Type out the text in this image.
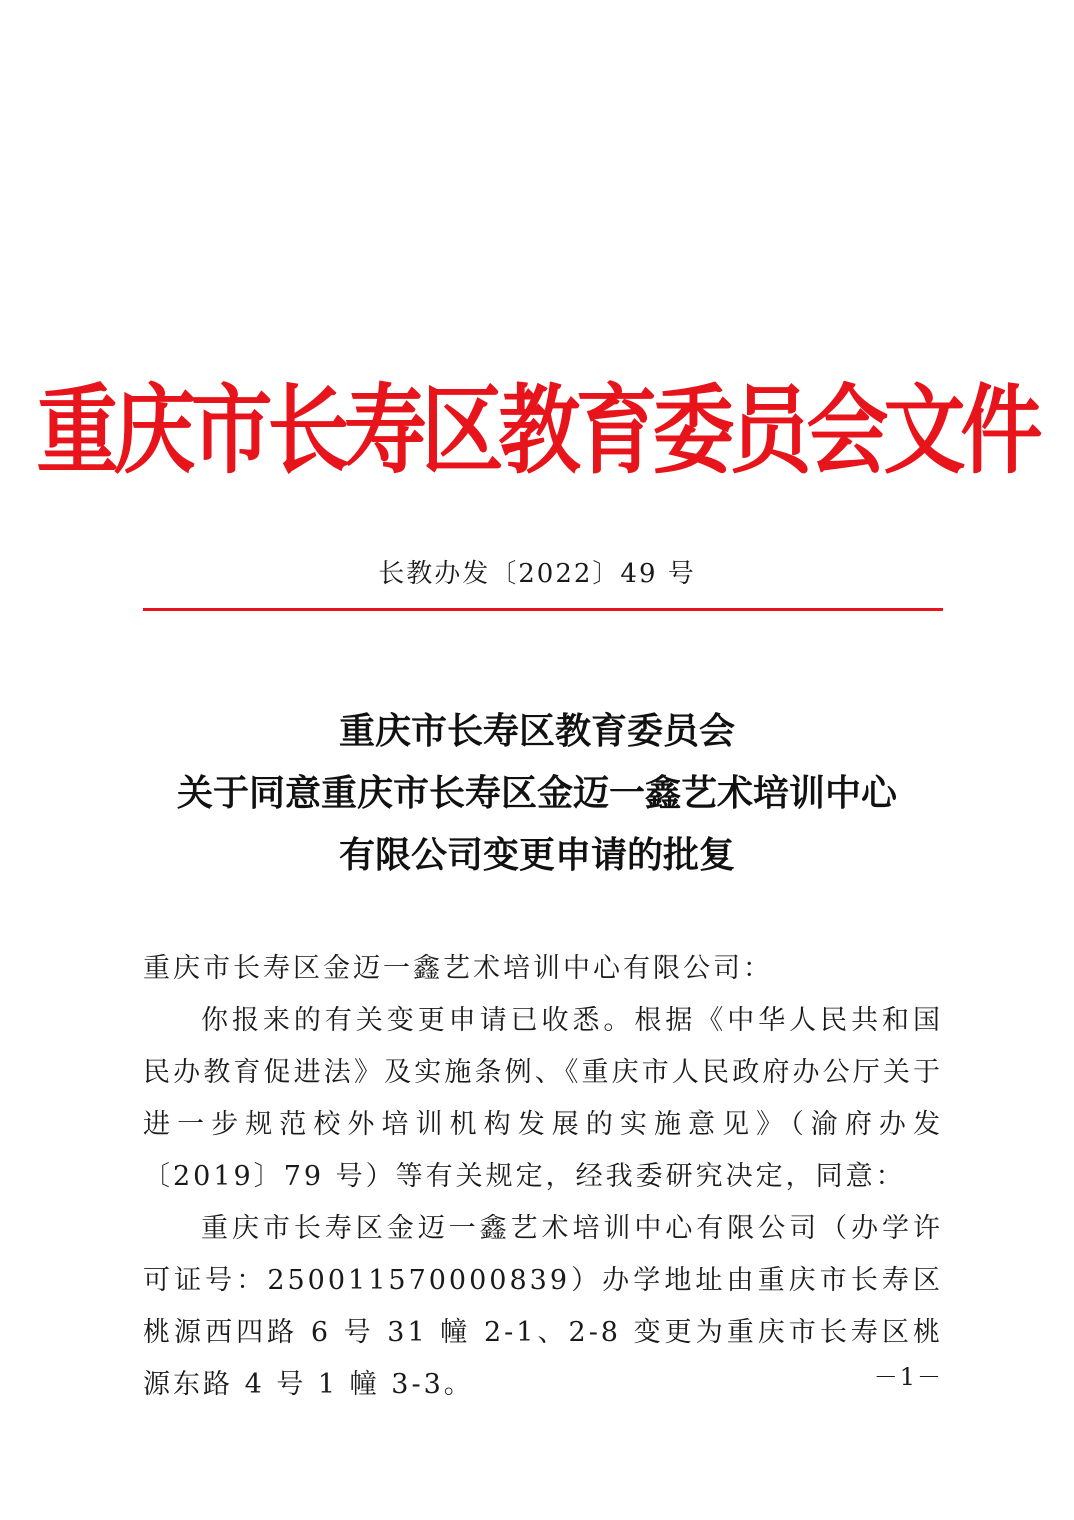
重庆市长寿区教育委员会文件
长教办发〔2022〕49 号
重庆市长寿区教育委员会
关于同意重庆市长寿区金迈一鑫艺术培训中心
有限公司变更申请的批复

重庆市长寿区金迈一鑫艺术培训中心有限公司：

你报来的有关变更申请已收悉。根据《中华人民共和国民办教育促进法》及实施条例、《重庆市人民政府办公厅关于进一步规范校外培训机构发展的实施意见》（渝府办发〔2019〕79 号）等有关规定，经我委研究决定，同意：

重庆市长寿区金迈一鑫艺术培训中心有限公司（办学许可证号：250011570000839）办学地址由重庆市长寿区桃源西四路 6 号 31 幢 2-1、2-8 变更为重庆市长寿区桃源东路 4 号 1 幢 3-3。	－1－
